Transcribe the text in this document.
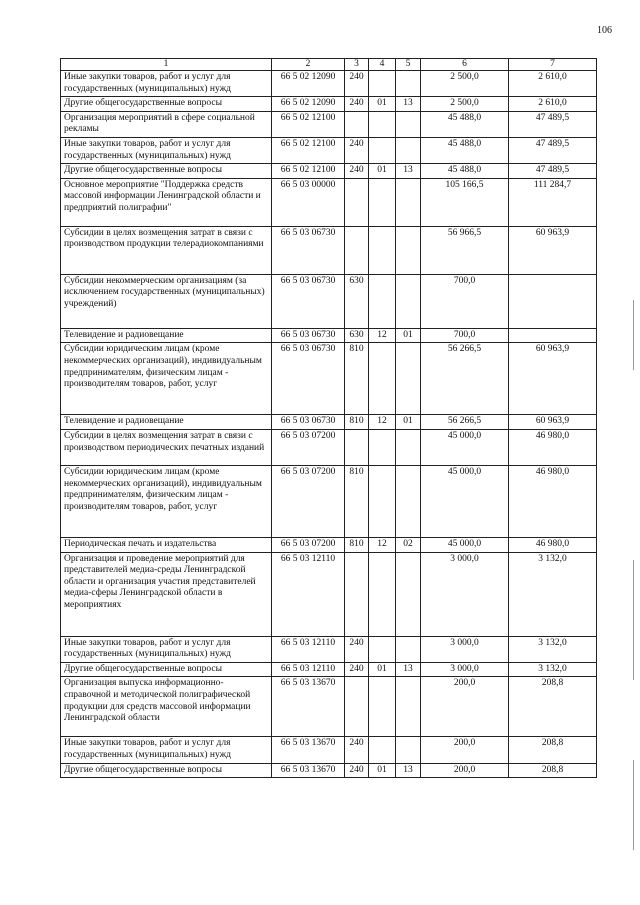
106
1	2	3	4	5	6	7
Иные закупки товаров, работ и услуг для государственных (муниципальных) нужд	66 5 02 12090	240			2 500,0	2 610,0
Другие общегосударственные вопросы	66 5 02 12090	240	01	13	2 500,0	2 610,0
Организация мероприятий в сфере социальной рекламы	66 5 02 12100				45 488,0	47 489,5
Иные закупки товаров, работ и услуг для государственных (муниципальных) нужд	66 5 02 12100	240			45 488,0	47 489,5
Другие общегосударственные вопросы	66 5 02 12100	240	01	13	45 488,0	47 489,5
Основное мероприятие "Поддержка средств массовой информации Ленинградской области и предприятий полиграфии"	66 5 03 00000				105 166,5	111 284,7
Субсидии в целях возмещения затрат в связи с производством продукции телерадиокомпаниями	66 5 03 06730				56 966,5	60 963,9
Субсидии некоммерческим организациям (за исключением государственных (муниципальных) учреждений)	66 5 03 06730	630			700,0	
Телевидение и радиовещание	66 5 03 06730	630	12	01	700,0	
Субсидии юридическим лицам (кроме некоммерческих организаций), индивидуальным предпринимателям, физическим лицам - производителям товаров, работ, услуг	66 5 03 06730	810			56 266,5	60 963,9
Телевидение и радиовещание	66 5 03 06730	810	12	01	56 266,5	60 963,9
Субсидии в целях возмещения затрат в связи с производством периодических печатных изданий	66 5 03 07200				45 000,0	46 980,0
Субсидии юридическим лицам (кроме некоммерческих организаций), индивидуальным предпринимателям, физическим лицам - производителям товаров, работ, услуг	66 5 03 07200	810			45 000,0	46 980,0
Периодическая печать и издательства	66 5 03 07200	810	12	02	45 000,0	46 980,0
Организация и проведение мероприятий для представителей медиа-среды Ленинградской области и организация участия представителей медиа-сферы Ленинградской области в мероприятиях	66 5 03 12110				3 000,0	3 132,0
Иные закупки товаров, работ и услуг для государственных (муниципальных) нужд	66 5 03 12110	240			3 000,0	3 132,0
Другие общегосударственные вопросы	66 5 03 12110	240	01	13	3 000,0	3 132,0
Организация выпуска информационно-справочной и методической полиграфической продукции для средств массовой информации Ленинградской области	66 5 03 13670				200,0	208,8
Иные закупки товаров, работ и услуг для государственных (муниципальных) нужд	66 5 03 13670	240			200,0	208,8
Другие общегосударственные вопросы	66 5 03 13670	240	01	13	200,0	208,8
